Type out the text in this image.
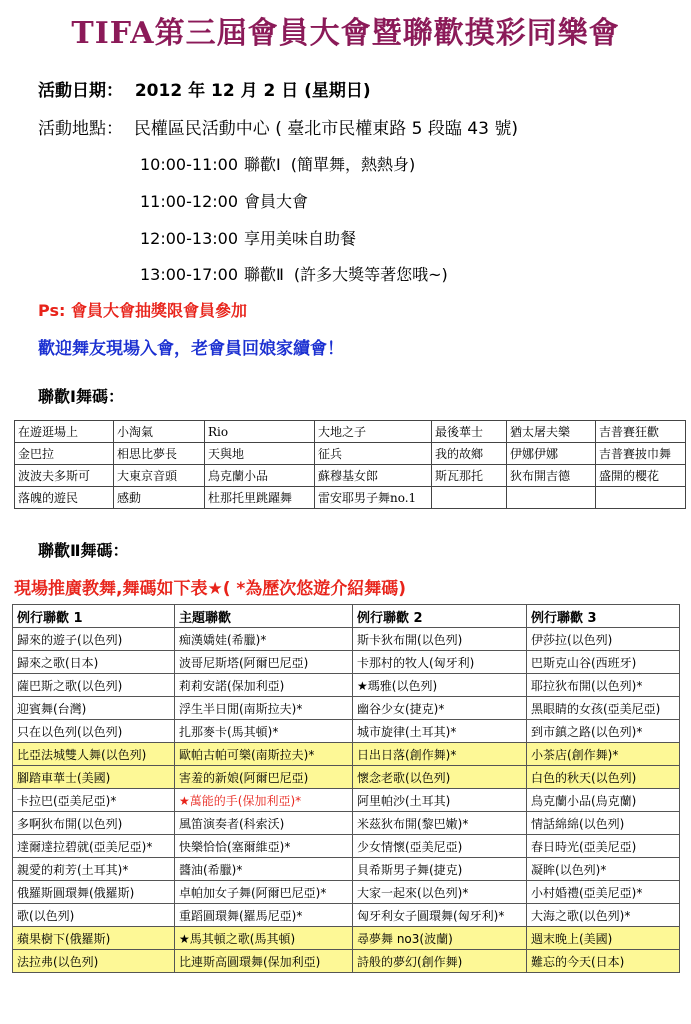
TIFA第三屆會員大會暨聯歡摸彩同樂會
活動日期： 2012 年 12 月 2 日 (星期日)
活動地點： 民權區民活動中心 ( 臺北市民權東路 5 段臨 43 號)
10:00-11:00 聯歡Ⅰ (簡單舞，熱熱身)
11:00-12:00 會員大會
12:00-13:00 享用美味自助餐
13:00-17:00 聯歡Ⅱ (許多大獎等著您哦~)
Ps: 會員大會抽獎限會員參加
歡迎舞友現場入會，老會員回娘家續會！
聯歡Ⅰ舞碼：
在遊逛場上	小淘氣	Rio	大地之子	最後華士	猶太屠夫樂	吉普賽狂歡
金巴拉	相思比夢長	天與地	征兵	我的故鄉	伊娜伊娜	吉普賽披巾舞
波波夫多斯可	大東京音頭	烏克蘭小品	蘇穆基女郎	斯瓦那托	狄布開吉德	盛開的櫻花
落魄的遊民	感動	杜那托里跳躍舞	雷安耶男子舞no.1			
聯歡Ⅱ舞碼：
現場推廣教舞,舞碼如下表★( *為歷次悠遊介紹舞碼)
例行聯歡 1	主題聯歡	例行聯歡 2	例行聯歡 3
歸來的遊子(以色列)	痴漢嬌娃(希臘)*	斯卡狄布開(以色列)	伊莎拉(以色列)
歸來之歌(日本)	波哥尼斯塔(阿爾巴尼亞)	卡那村的牧人(匈牙利)	巴斯克山谷(西班牙)
薩巴斯之歌(以色列)	莉莉安諾(保加利亞)	★瑪雅(以色列)	耶拉狄布開(以色列)*
迎賓舞(台灣)	浮生半日閒(南斯拉夫)*	幽谷少女(捷克)*	黑眼睛的女孩(亞美尼亞)
只在以色列(以色列)	扎那麥卡(馬其頓)*	城市旋律(土耳其)*	到市鎮之路(以色列)*
比亞法城雙人舞(以色列)	歐帕古帕可樂(南斯拉夫)*	日出日落(創作舞)*	小茶店(創作舞)*
腳踏車華士(美國)	害羞的新娘(阿爾巴尼亞)	懷念老歌(以色列)	白色的秋天(以色列)
卡拉巴(亞美尼亞)*	★萬能的手(保加利亞)*	阿里帕沙(土耳其)	烏克蘭小品(烏克蘭)
多啊狄布開(以色列)	風笛演奏者(科索沃)	米茲狄布開(黎巴嫩)*	情話綿綿(以色列)
達爾達拉碧就(亞美尼亞)*	快樂恰恰(塞爾維亞)*	少女情懷(亞美尼亞)	春日時光(亞美尼亞)
親愛的莉芳(土耳其)*	醬油(希臘)*	貝希斯男子舞(捷克)	凝眸(以色列)*
俄羅斯圓環舞(俄羅斯)	卓帕加女子舞(阿爾巴尼亞)*	大家一起來(以色列)*	小村婚禮(亞美尼亞)*
歌(以色列)	重蹈圓環舞(羅馬尼亞)*	匈牙利女子圓環舞(匈牙利)*	大海之歌(以色列)*
蘋果樹下(俄羅斯)	★馬其頓之歌(馬其頓)	尋夢舞 no3(波蘭)	週末晚上(美國)
法拉弗(以色列)	比連斯高圓環舞(保加利亞)	詩般的夢幻(創作舞)	難忘的今天(日本)
